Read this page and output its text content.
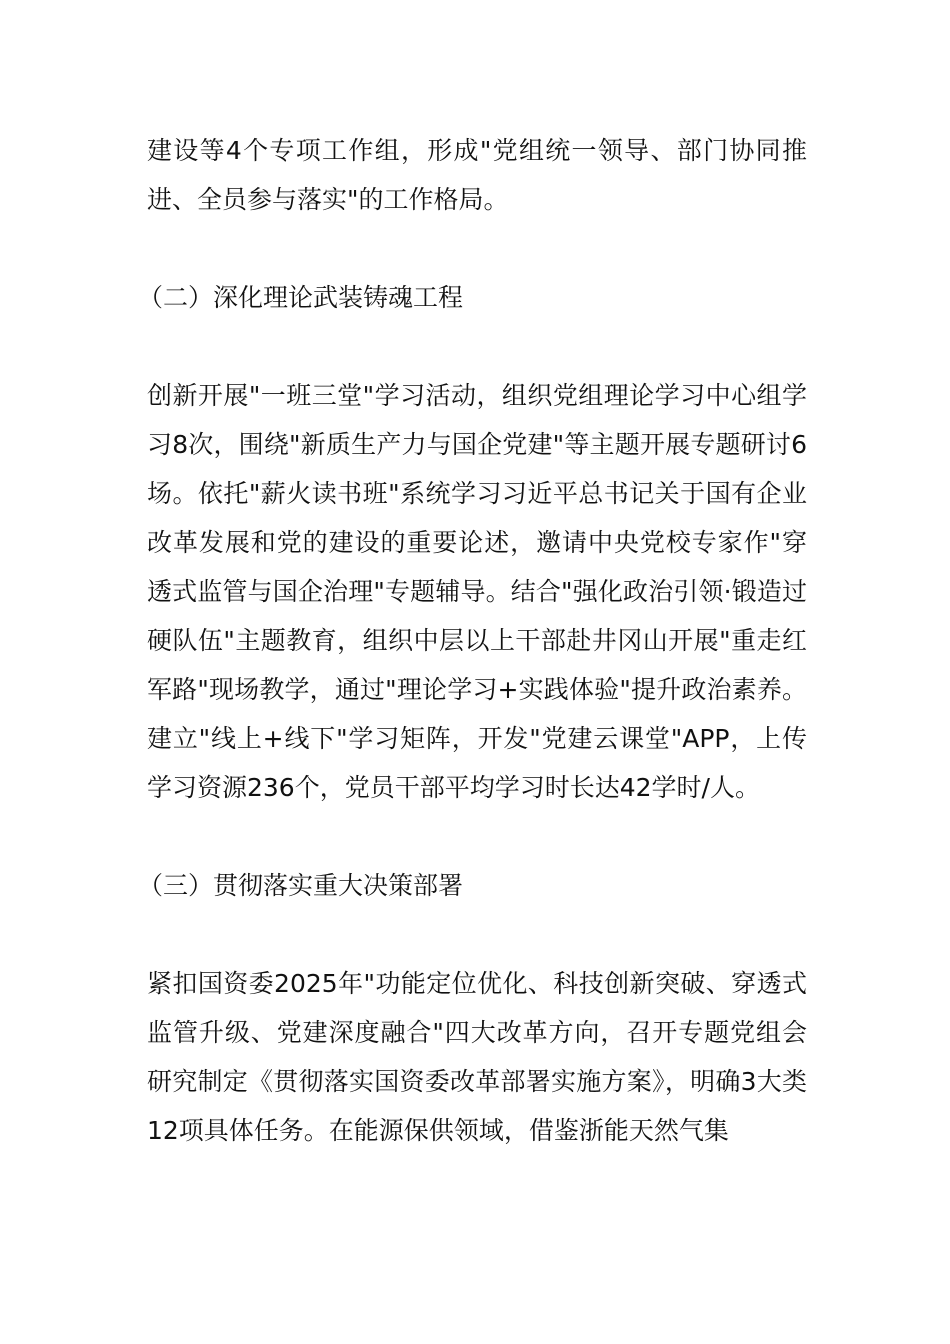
建设等4个专项工作组，形成"党组统一领导、部门协同推进、全员参与落实"的工作格局。

（二）深化理论武装铸魂工程

创新开展"一班三堂"学习活动，组织党组理论学习中心组学习8次，围绕"新质生产力与国企党建"等主题开展专题研讨6场。依托"薪火读书班"系统学习习近平总书记关于国有企业改革发展和党的建设的重要论述，邀请中央党校专家作"穿透式监管与国企治理"专题辅导。结合"强化政治引领·锻造过硬队伍"主题教育，组织中层以上干部赴井冈山开展"重走红军路"现场教学，通过"理论学习+实践体验"提升政治素养。建立"线上+线下"学习矩阵，开发"党建云课堂"APP，上传学习资源236个，党员干部平均学习时长达42学时/人。

（三）贯彻落实重大决策部署

紧扣国资委2025年"功能定位优化、科技创新突破、穿透式监管升级、党建深度融合"四大改革方向，召开专题党组会研究制定《贯彻落实国资委改革部署实施方案》，明确3大类12项具体任务。在能源保供领域，借鉴浙能天然气集
